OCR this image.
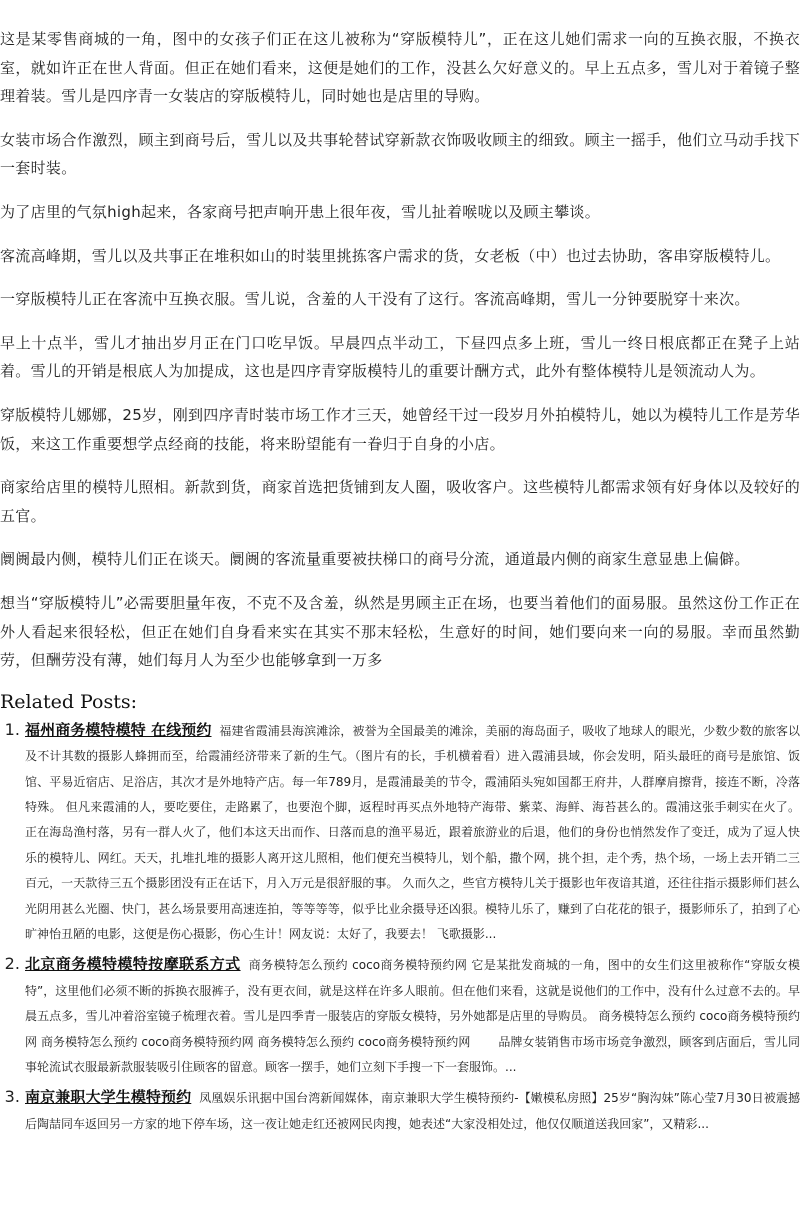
这是某零售商城的一角，图中的女孩子们正在这儿被称为“穿版模特儿”，正在这儿她们需求一向的互换衣服，不换衣室，就如许正在世人背面。但正在她们看来，这便是她们的工作，没甚么欠好意义的。早上五点多，雪儿对于着镜子整理着装。雪儿是四序青一女装店的穿版模特儿，同时她也是店里的导购。

女装市场合作激烈，顾主到商号后，雪儿以及共事轮替试穿新款衣饰吸收顾主的细致。顾主一摇手，他们立马动手找下一套时装。

为了店里的气氛high起来，各家商号把声响开患上很年夜，雪儿扯着喉咙以及顾主攀谈。

客流高峰期，雪儿以及共事正在堆积如山的时装里挑拣客户需求的货，女老板（中）也过去协助，客串穿版模特儿。

一穿版模特儿正在客流中互换衣服。雪儿说，含羞的人干没有了这行。客流高峰期，雪儿一分钟要脱穿十来次。

早上十点半，雪儿才抽出岁月正在门口吃早饭。早晨四点半动工，下昼四点多上班，雪儿一终日根底都正在凳子上站着。雪儿的开销是根底人为加提成，这也是四序青穿版模特儿的重要计酬方式，此外有整体模特儿是领流动人为。

穿版模特儿娜娜，25岁，刚到四序青时装市场工作才三天，她曾经干过一段岁月外拍模特儿，她以为模特儿工作是芳华饭，来这工作重要想学点经商的技能，将来盼望能有一眷归于自身的小店。

商家给店里的模特儿照相。新款到货，商家首选把货铺到友人圈，吸收客户。这些模特儿都需求领有好身体以及较好的五官。

阛阓最内侧，模特儿们正在谈天。阛阓的客流量重要被扶梯口的商号分流，通道最内侧的商家生意显患上偏僻。

想当“穿版模特儿”必需要胆量年夜，不克不及含羞，纵然是男顾主正在场，也要当着他们的面易服。虽然这份工作正在外人看起来很轻松，但正在她们自身看来实在其实不那末轻松，生意好的时间，她们要向来一向的易服。幸而虽然勤劳，但酬劳没有薄，她们每月人为至少也能够拿到一万多

Related Posts:
1. 福州商务模特模特 在线预约 福建省霞浦县海滨滩涂，被誉为全国最美的滩涂，美丽的海岛面子，吸收了地球人的眼光，少数少数的旅客以及不计其数的摄影人蜂拥而至，给霞浦经济带来了新的生气。（图片有的长，手机横着看）进入霞浦县域，你会发明，陌头最旺的商号是旅馆、饭馆、平易近宿店、足浴店，其次才是外地特产店。每一年789月，是霞浦最美的节令，霞浦陌头宛如国都王府井，人群摩肩擦背，接连不断，冷落特殊。 但凡来霞浦的人，要吃要住，走路累了，也要泡个脚，返程时再买点外地特产海带、紫菜、海鲜、海苔甚么的。霞浦这张手刺实在火了。 正在海岛渔村落，另有一群人火了，他们本这天出而作、日落而息的渔平易近，跟着旅游业的后退，他们的身份也悄然发作了变迁，成为了逗人快乐的模特儿、网红。天天，扎堆扎堆的摄影人离开这儿照相，他们便充当模特儿，划个船，撒个网，挑个担，走个秀，热个场，一场上去开销二三百元，一天款待三五个摄影团没有正在话下，月入万元是很舒服的事。 久而久之，些官方模特儿关于摄影也年夜谙其道，还往往指示摄影师们甚么光阴用甚么光圈、快门，甚么场景要用高速连拍，等等等等，似乎比业余摄导还凶狠。模特儿乐了，赚到了白花花的银子，摄影师乐了，拍到了心旷神怡丑陋的电影，这便是伤心摄影，伤心生计！网友说：太好了，我要去！ 飞歌摄影...
2. 北京商务模特模特按摩联系方式 商务模特怎么预约 coco商务模特预约网 它是某批发商城的一角，图中的女生们这里被称作“穿版女模特”，这里他们必须不断的拆换衣服裤子，没有更衣间，就是这样在许多人眼前。但在他们来看，这就是说他们的工作中，没有什么过意不去的。早晨五点多，雪儿冲着浴室镜子梳理衣着。雪儿是四季青一服装店的穿版女模特，另外她都是店里的导购员。 商务模特怎么预约 coco商务模特预约网 商务模特怎么预约 coco商务模特预约网 商务模特怎么预约 coco商务模特预约网 　　品牌女装销售市场市场竞争激烈，顾客到店面后，雪儿同事轮流试衣服最新款服装吸引住顾客的留意。顾客一摆手，她们立刻下手搜一下一套服饰。...
3. 南京兼职大学生模特预约 凤凰娱乐讯据中国台湾新闻媒体，南京兼职大学生模特预约-【嫩模私房照】25岁“胸沟妹”陈心莹7月30日被震撼后陶喆同车返回另一方家的地下停车场，这一夜让她走红还被网民肉搜，她表述“大家没相处过，他仅仅顺道送我回家”，又精彩...
